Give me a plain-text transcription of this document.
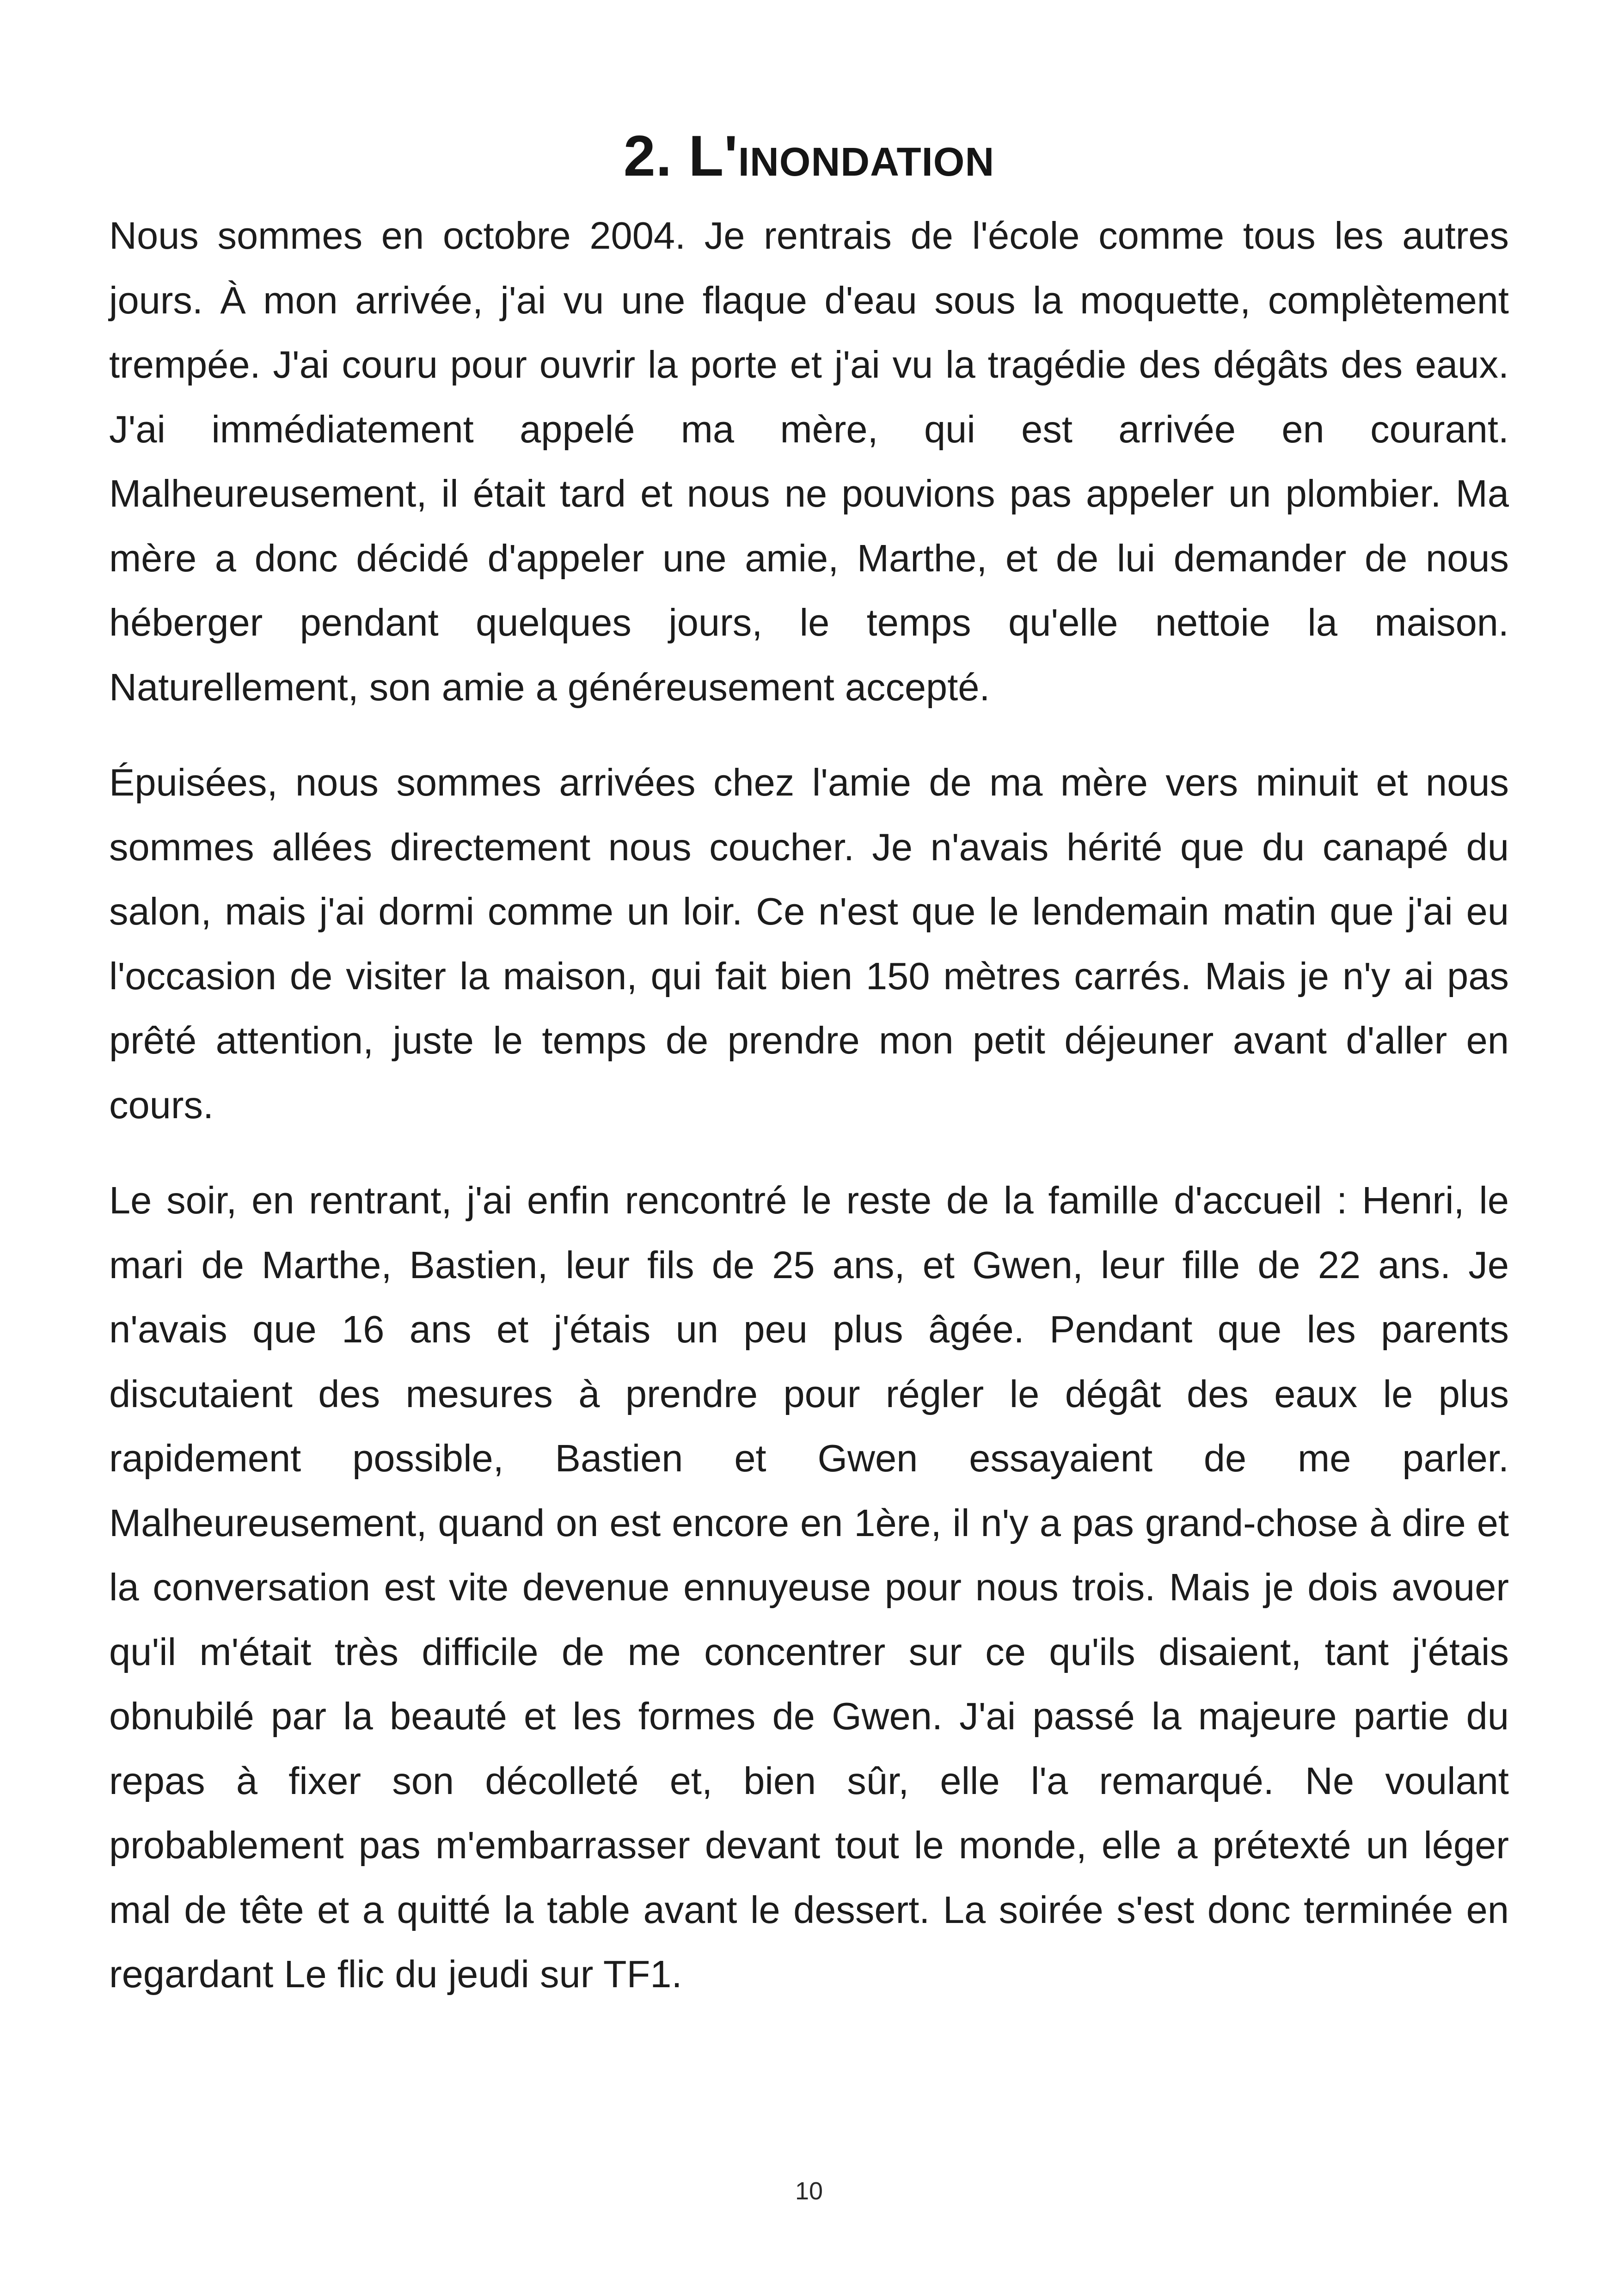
2. L'inondation

Nous sommes en octobre 2004. Je rentrais de l'école comme tous les autres jours. À mon arrivée, j'ai vu une flaque d'eau sous la moquette, complètement trempée. J'ai couru pour ouvrir la porte et j'ai vu la tragédie des dégâts des eaux. J'ai immédiatement appelé ma mère, qui est arrivée en courant. Malheureusement, il était tard et nous ne pouvions pas appeler un plombier. Ma mère a donc décidé d'appeler une amie, Marthe, et de lui demander de nous héberger pendant quelques jours, le temps qu'elle nettoie la maison. Naturellement, son amie a généreusement accepté.

Épuisées, nous sommes arrivées chez l'amie de ma mère vers minuit et nous sommes allées directement nous coucher. Je n'avais hérité que du canapé du salon, mais j'ai dormi comme un loir. Ce n'est que le lendemain matin que j'ai eu l'occasion de visiter la maison, qui fait bien 150 mètres carrés. Mais je n'y ai pas prêté attention, juste le temps de prendre mon petit déjeuner avant d'aller en cours.

Le soir, en rentrant, j'ai enfin rencontré le reste de la famille d'accueil : Henri, le mari de Marthe, Bastien, leur fils de 25 ans, et Gwen, leur fille de 22 ans. Je n'avais que 16 ans et j'étais un peu plus âgée. Pendant que les parents discutaient des mesures à prendre pour régler le dégât des eaux le plus rapidement possible, Bastien et Gwen essayaient de me parler. Malheureusement, quand on est encore en 1ère, il n'y a pas grand-chose à dire et la conversation est vite devenue ennuyeuse pour nous trois. Mais je dois avouer qu'il m'était très difficile de me concentrer sur ce qu'ils disaient, tant j'étais obnubilé par la beauté et les formes de Gwen. J'ai passé la majeure partie du repas à fixer son décolleté et, bien sûr, elle l'a remarqué. Ne voulant probablement pas m'embarrasser devant tout le monde, elle a prétexté un léger mal de tête et a quitté la table avant le dessert. La soirée s'est donc terminée en regardant Le flic du jeudi sur TF1.

10
